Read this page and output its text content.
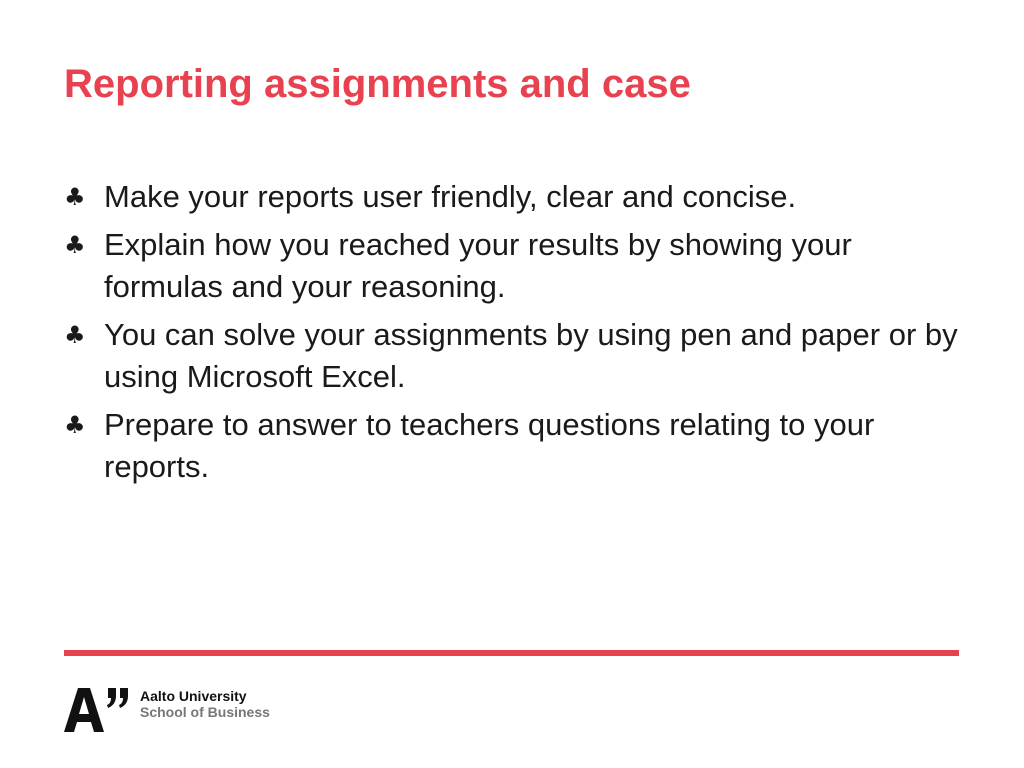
Reporting assignments and case
♣ Make your reports user friendly, clear and concise.
♣ Explain how you reached your results by showing your formulas and your reasoning.
♣ You can solve your assignments by using pen and paper or by using Microsoft Excel.
♣ Prepare to answer to teachers questions relating to your reports.
Aalto University
School of Business
